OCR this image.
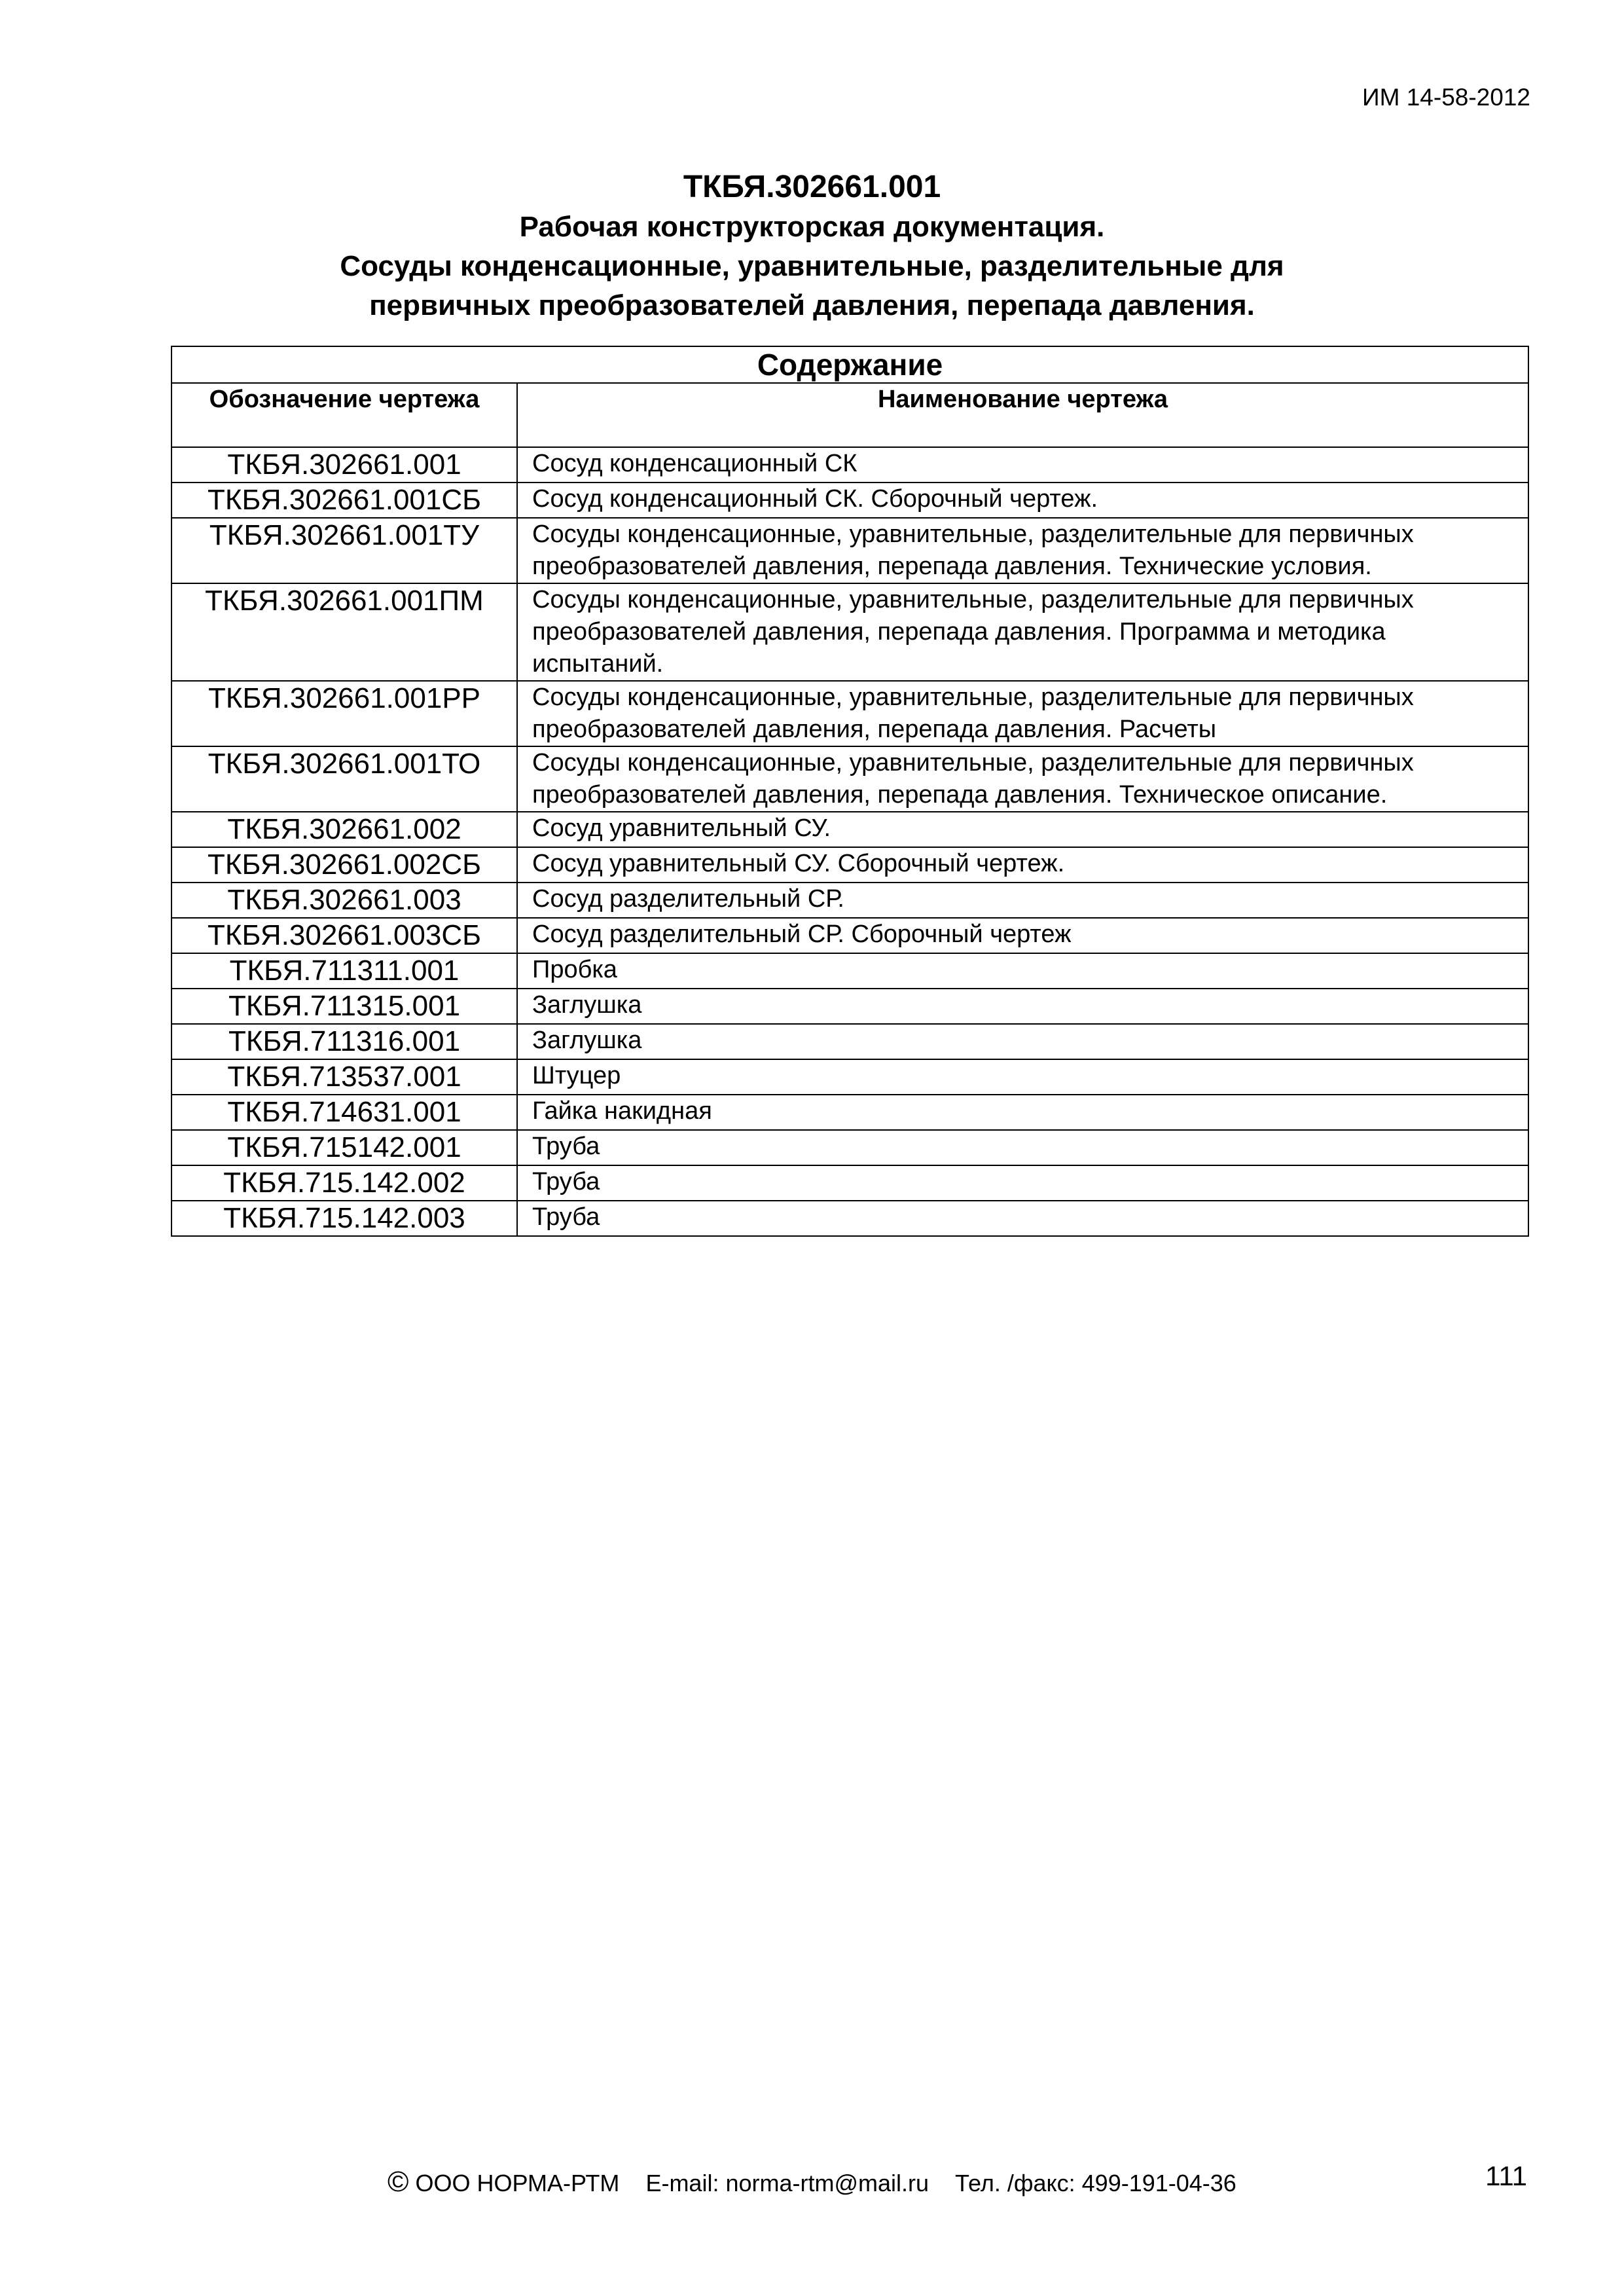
ИМ 14-58-2012
ТКБЯ.302661.001
Рабочая конструкторская документация.
Сосуды конденсационные, уравнительные, разделительные для
первичных преобразователей давления, перепада давления.
Содержание	
Обозначение чертежа	Наименование чертежа
ТКБЯ.302661.001	Сосуд конденсационный СК
ТКБЯ.302661.001СБ	Сосуд конденсационный СК. Сборочный чертеж.
ТКБЯ.302661.001ТУ	Сосуды конденсационные, уравнительные, разделительные для первичных преобразователей давления, перепада давления. Технические условия.
ТКБЯ.302661.001ПМ	Сосуды конденсационные, уравнительные, разделительные для первичных преобразователей давления, перепада давления. Программа и методика испытаний.
ТКБЯ.302661.001РР	Сосуды конденсационные, уравнительные, разделительные для первичных преобразователей давления, перепада давления. Расчеты
ТКБЯ.302661.001ТО	Сосуды конденсационные, уравнительные, разделительные для первичных преобразователей давления, перепада давления. Техническое описание.
ТКБЯ.302661.002	Сосуд уравнительный СУ.
ТКБЯ.302661.002СБ	Сосуд уравнительный СУ. Сборочный чертеж.
ТКБЯ.302661.003	Сосуд разделительный СР.
ТКБЯ.302661.003СБ	Сосуд разделительный СР. Сборочный чертеж
ТКБЯ.711311.001	Пробка
ТКБЯ.711315.001	Заглушка
ТКБЯ.711316.001	Заглушка
ТКБЯ.713537.001	Штуцер
ТКБЯ.714631.001	Гайка накидная
ТКБЯ.715142.001	Труба
ТКБЯ.715.142.002	Труба
ТКБЯ.715.142.003	Труба
© ООО НОРМА-РТМ E-mail: norma-rtm@mail.ru Тел. /факс: 499-191-04-36	111
